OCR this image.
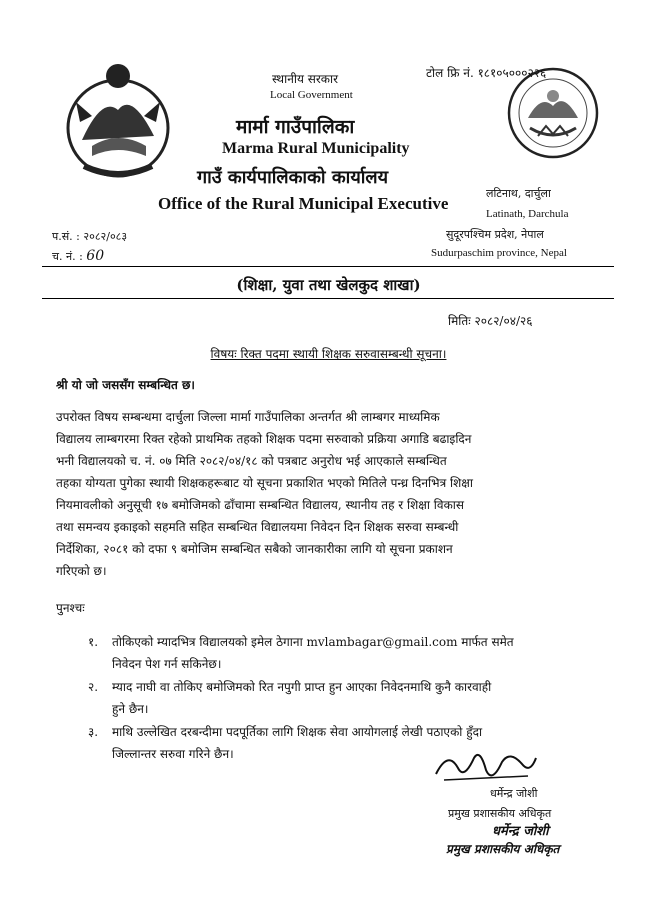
स्थानीय सरकार
Local Government
टोल फ्रि नं. १८१०५०००२२६
मार्मा गाउँपालिका
Marma Rural Municipality
गाउँ कार्यपालिकाको कार्यालय
Office of the Rural Municipal Executive
लटिनाथ, दार्चुला
Latinath, Darchula
सुदूरपश्चिम प्रदेश, नेपाल
Sudurpaschim province, Nepal
प.सं. : २०८२/०८३
च. नं. : 60
(शिक्षा, युवा तथा खेलकुद शाखा)
मितिः २०८२/०४/२६
विषयः रिक्त पदमा स्थायी शिक्षक सरुवासम्बन्धी सूचना।
श्री यो जो जससँग सम्बन्धित छ।
उपरोक्त विषय सम्बन्धमा दार्चुला जिल्ला मार्मा गाउँपालिका अन्तर्गत श्री लाम्बगर माध्यमिक
विद्यालय लाम्बगरमा रिक्त रहेको प्राथमिक तहको शिक्षक पदमा सरुवाको प्रक्रिया अगाडि बढाइदिन
भनी विद्यालयको च. नं. ०७ मिति २०८२/०४/१८ को पत्रबाट अनुरोध भई आएकाले सम्बन्धित
तहका योग्यता पुगेका स्थायी शिक्षकहरूबाट यो सूचना प्रकाशित भएको मितिले पन्ध्र दिनभित्र शिक्षा
नियमावलीको अनुसूची १७ बमोजिमको ढाँचामा सम्बन्धित विद्यालय, स्थानीय तह र शिक्षा विकास
तथा समन्वय इकाइको सहमति सहित सम्बन्धित विद्यालयमा निवेदन दिन शिक्षक सरुवा सम्बन्धी
निर्देशिका, २०८१ को दफा ९ बमोजिम सम्बन्धित सबैको जानकारीका लागि यो सूचना प्रकाशन
गरिएको छ।
पुनश्चः
१. तोकिएको म्यादभित्र विद्यालयको इमेल ठेगाना mvlambagar@gmail.com मार्फत समेत
निवेदन पेश गर्न सकिनेछ।
२. म्याद नाघी वा तोकिए बमोजिमको रित नपुगी प्राप्त हुन आएका निवेदनमाथि कुनै कारवाही
हुने छैन।
३. माथि उल्लेखित दरबन्दीमा पदपूर्तिका लागि शिक्षक सेवा आयोगलाई लेखी पठाएको हुँदा
जिल्लान्तर सरुवा गरिने छैन।
धर्मेन्द्र जोशी
प्रमुख प्रशासकीय अधिकृत
धर्मेन्द्र जोशी
प्रमुख प्रशासकीय अधिकृत
